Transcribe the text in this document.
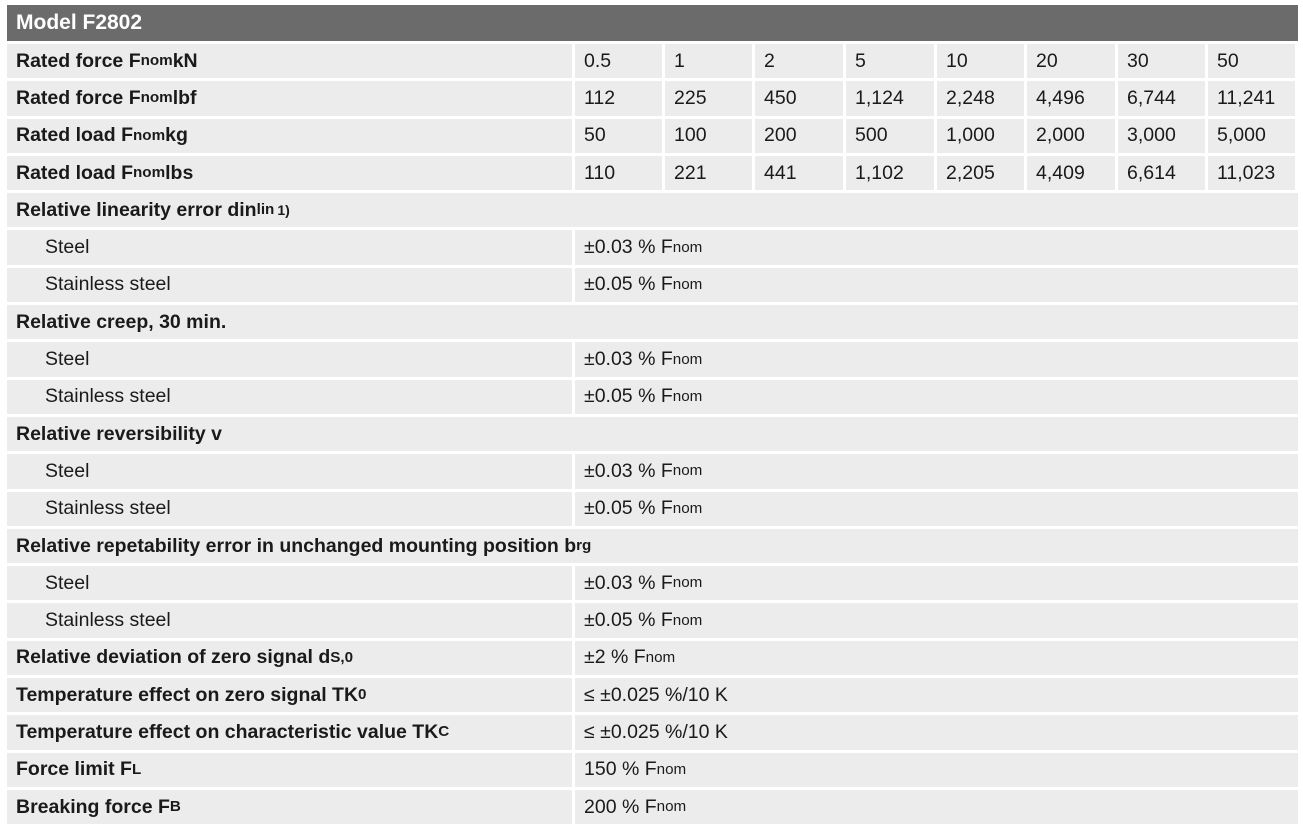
Model F2802
Rated force F nom kN	0.5	1	2	5	10	20	30	50
Rated force F nom lbf	112	225	450	1,124	2,248	4,496	6,744	11,241
Rated load F nom kg	50	100	200	500	1,000	2,000	3,000	5,000
Rated load F nom lbs	110	221	441	1,102	2,205	4,409	6,614	11,023
Relative linearity error din lin 1)
Steel	±0.03 % F nom
Stainless steel	±0.05 % F nom
Relative creep, 30 min.
Steel	±0.03 % F nom
Stainless steel	±0.05 % F nom
Relative reversibility v
Steel	±0.03 % F nom
Stainless steel	±0.05 % F nom
Relative repetability error in unchanged mounting position b rg
Steel	±0.03 % F nom
Stainless steel	±0.05 % F nom
Relative deviation of zero signal d S,0	±2 % F nom
Temperature effect on zero signal TK 0	≤ ±0.025 %/10 K
Temperature effect on characteristic value TK C	≤ ±0.025 %/10 K
Force limit F L	150 % F nom
Breaking force F B	200 % F nom
